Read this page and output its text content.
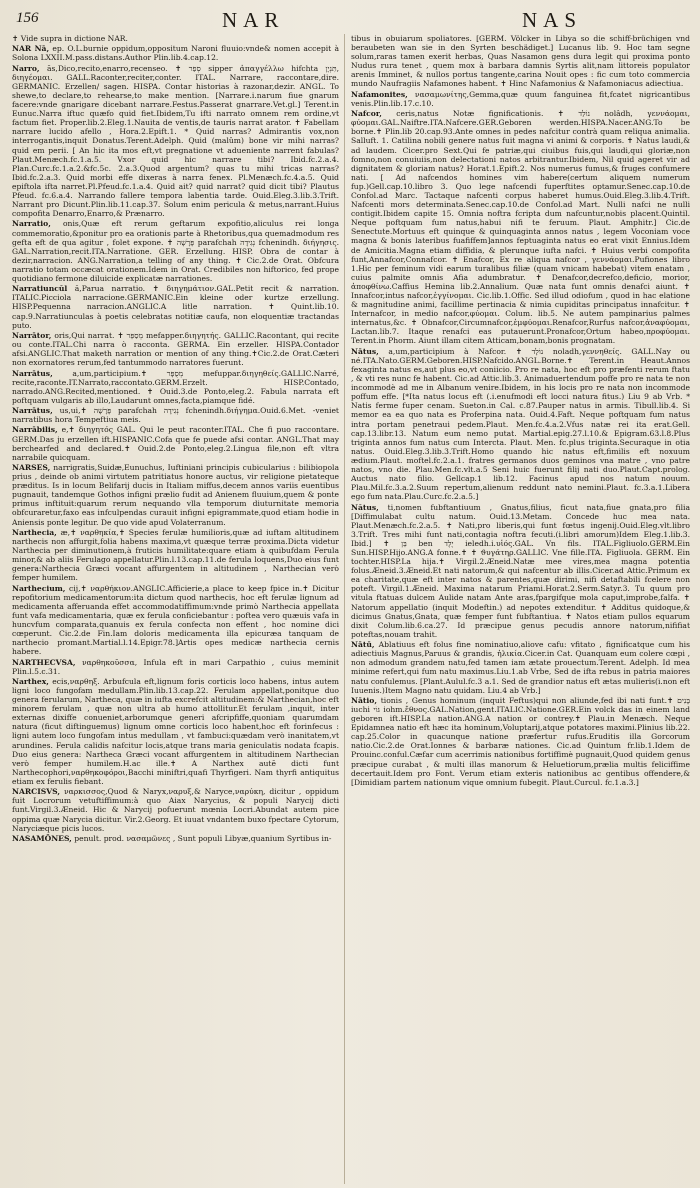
156	NAR	NAS

✝ Vide supra in dictione NAR.

NAR Nā, ep. O.L.burnie oppidum,oppositum Naroni fluuio:vnde& nomen accepit à Solona LXXII.M.pass.distans.Author Plin.lib.4.cap.12.

Narro, ās,Dico,recito,enarro,recenseo. ✝ סְפַר sipper ἀπαγγέλλω hifchta תִּנְיָן, διηγέομαι. GALL.Raconter,reciter,conter. ITAL. Narrare, raccontare,dire. GERMANIC. Erzellen/ sagen. HISPA. Contar historias à razonar,dezir. ANGL. To shewe,to declare,to rehearse,to make mention. [Narrare.i.narum fiue gnarum facere:vnde gnarigare dicebant narrare.Festus.Passerat gnarrare.Vet.gl.] Terent.in Eunuc.Narra iftuc quæfo quid fiet.Ibidem,Tu ifti narrato omnem rem ordine,vt factum fiet. Proper.lib.2.Eleg.1.Nauita de ventis,de tauris narrat arator. ✝ Fabellam narrare lucido afello , Hora.2.Epift.1. * Quid narras? Admirantis vox,non interrogantis,inquit Donatus.Terent.Adelph. Quid (malûm) bone vir mihi narras? quid em perii. [ An hic ita mos eft,vt pregnatione vt adueniente narrent fabulas? Plaut.Menæch.fc.1.a.5. Vxor quid hic narrare tibi? Ibid.fc.2.a.4. Plan.Curc.fc.1.a.2.&fc.5c. 2.a.3.Quod argentum? quas tu mihi tricas narras? Ibid.fc.2.a.3. Quid morbi effe dixeras à narra fenex. Pl.Menæch.fc.4.a.5. Quid epiftola ifta narret.Pl.Pfeud.fc.1.a.4. Quid ait? quid narrat? quid dicit tibi? Plautus Pfeud. fc.6.a.4. Narrando fallere tempora labentia tarde. Ouid.Eleg.3.lib.3.Trift. Narrant pro Dicunt.Plin.lib.11.cap.37. Solum enim pericula & metus,narrant.Huius compofita Denarro,Enarro,& Prænarro.

Narratio, onis,Quæ eft rerum geftarum expofitio,aliculus rei longa commemoratio,&ponitur pro ea orationis parte à Rhetoribus,qua quemadmodum res gefta eft de qua agitur , folet expone. ✝ פָּרָשָׁה parafchah נְגִידָה fchenindh. διήγησις. GAL.Narration,recit.ITA.Narratione. GER. Erzellung. HISP. Obra de contar à dezir,narracion. ANG.Narration,a telling of any thing. ✝ Cic.2.de Orat. Obfcura narratio totam occæcat orationem.Idem in Orat. Credibiles non hiftorico, fed prope quotidiano fermone diluicide explicatæ narrationes.

Narratiuncŭl ă,Parua narratio. ✝ διηγημάτιον.GAL.Petit recit & narration. ITALIC.Picciola narracione.GERMANIC.Ein kleine oder kurtze erzellung. HISP.Pequenna narracion.ANGLIC.A litle narration. ✝ Quint.lib.10. cap.9.Narratiunculas à poetis celebratas notitiæ caufa, non eloquentiæ tractandas puto.

Narrātor, oris,Qui narrat. ✝ מְסַפֵּר mefapper.διηγητής. GALLIC.Racontant, qui recite ou conte.ITAL.Chi narra ò racconta. GERMA. Ein erzeller. HISPA.Contador afsi.ANGLIC.That maketh narration or mention of any thing.✝Cic.2.de Orat.Cæteri non exornatores rerum,fed tantummodo narratores fuerunt.

Narrātus,	a,um,participium.✝ מְסֻפָּר mefuppar.διηγηθείς.GALLIC.Narré, recite,raconte.IT.Narrato,raccontato.GERM.Erzelt. HISP.Contado, narrado.ANG.Recited,mentioned. ✝ Ouid.3.de Ponto,eleg.2. Fabula narrata eft poftquam vulgaris ab illo,Laudarunt omnes,facta,piamque fidé.

Narrātus, us,ui,✝ פָּרָשָׁה parafchah נְגִידָה fchenindh.διήγημα.Ouid.6.Met. -veniet narratibus hora Tempeftiua meis.

Narrābilis, e,✝ διηγητός GAL. Qui le peut raconter.ITAL. Che fi puo raccontare. GERM.Das ju erzellen ift.HISPANIC.Cofa que fe puede afsi contar. ANGL.That may berchearfed and declared.✝ Ouid.2.de Ponto,eleg.2.Lingua file,non eft vltra narrabile quicquam.

NARSES, narrigratis,Suidæ,Eunuchus, Iuftiniani principis cubicularius : bilibiopola prius , deinde ob animi virtutem patritiatus honore auctus, vir religione pietateque præditus. Is in locum Belifarij ducis in Italiam miffus,decem annos variis euentibus pugnauit, tandemque Gothos infigni prælio fudit ad Anienem fluuium,quem & ponte primus inftituit:quarum rerum nequando vlla temporum diuturnitate memoria obfcuraretur,faxo eas infculpendas curauit infigni epigrammate,quod etiam hodie in Aniensis ponte legitur. De quo vide apud Volaterranum.

Narthecia, æ,✝ ναρθηκία,✝ Species ferulæ humilioris,quæ ad iuftam altitudinem narthecis non affurgit,folia habens maxima,vt quæque terræ proxima.Dicta videtur Narthecia per diminutionem,à fruticis humilitate:quare etiam à quibufdam Ferula minor,& ab aliis Ferulago appellatur.Plin.l.13.cap.11.de ferula loquens,Duo eius funt genera:Narthecia Græci vocant affurgentem in altitudinem , Narthecian verò femper humilem.

Narthecium, cij,✝ ναρθήκιον.ANGLIC.Afficierie,a place to keep fpice in.✝ Dicitur repofitorium medicamentorum:ita dictum quod narthecis, hoc eft ferulæ lignum ad medicamenta afferuanda effet accommodatiffimum:vnde primò Narthecia appellata funt vafa medicamentaria, quæ ex ferula conficiebantur : poftea vero quæuis vafa in huncvfum comparata,quanuis ex ferula confecta non effent , hoc nomine dici cœperunt. Cic.2.de Fin.Iam doloris medicamenta illa epicuræa tanquam de narthecio promant.Martial.l.14.Epigr.78.]Artis opes medicæ narthecia cernis habere.

NARTHECVSA, ναρθηκοῦσσα, Infula eft in mari Carpathio , cuius meminit Plin.l.5.c.31.

Narthex, ecis,ναρθηξ. Arbufcula eft,lignum foris corticis loco habens, intus autem ligni loco fungofam medullam.Plin.lib.13.cap.22. Ferulam appellat,ponitque duo genera ferularum, Nartheca, quæ in iufta excrefcit altitudinem:& Narthecian,hoc eft minorem ferulam , quæ non ultra ab humo attollitur.Et ferulam ,inquit, inter externas dixiffe conueniet,arborumque generi afcripfiffe,quoniam quarumdam natura (ficut diftinguemus) lignum omne corticis loco habent,hoc eft forinfecus : ligni autem loco fungofam intus medullam , vt fambuci:quædam verò inanitatem,vt arundines. Ferula calidis nafcitur locis,atque trans maria geniculatis nodata fcapis. Duo eius genera: Nartheca Græci vocant affurgentem in altitudinem Narthecian verò femper humilem.H.ac ille.✝ A Narthex autē dicti funt Narthecophori,ναρθηκοφόροι,Bacchi miniftri,quafi Thyrfigeri. Nam thyrfi antiquitus etiam ex ferulis fiebant.

NARCISVS, ναρκισσος,Quod & Naryx,ναρυξ,& Naryce,ναρύκη, dicitur , oppidum fuit Locrorum vetuftiffimum:à quo Aiax Narycius, & populi Narycij dicti funt.Virgil.3.Æneid. Hic & Narycij pofuerunt mœnia Locri.Abundat autem pice oppima quæ Narycia dicitur. Vir.2.Georg. Et iuuat vndantem buxo fpectare Cytorum, Naryciæque picis lucos.

NASAMŌNES, penult. prod. νασαμῶνες , Sunt populi Libyæ,quanium Syrtibus in-

tibus in obuiarum spoliatores. [GERM. Völcker in Libya so die schiff-brüchigen vnd beraubeten wan sie in den Syrten beschädiget.] Lucanus lib. 9. Hoc tam segne solum,raras tamen exerit herbas, Quas Nasamon gens dura legit qui proxima ponto Nudus rura tenet , quem mox à barbara damnis Syrtis alit,nam littoreis populator arenis Imminet, & nullos portus tangente,carina Nouit opes : fic cum toto commercia mundo Naufragiis Nafamones habent. ✝ Hinc Nafamonius & Nafamoniacus adiectiua.

Nafamonites, νασαμωνίτης,Gemma,quæ quum fanguinea fit,fcatet nigricantibus venis.Plin.lib.17.c.10.

Nafcor, ceris,natus Notæ fignificationis. ✝ נוֹלַד nolâdh, γεννάομαι, φύομαι.GAL.Naiftre.ITA.Nafcere.GER.Geboren werden.HISPA.Nacer.ANG.To be borne.✝ Plin.lib 20.cap.93.Ante omnes in pedes nafcitur contrà quam reliqua animalia. Salluft. 1. Catilina nobili genere natus fuit magna vi animi & corporis. ✝ Natus laudi,& ad laudem. Cicer.pro Sext.Qui fe patriæ,qui ciuibus fuis,qui laudi,qui gloriæ,non fomno,non conuiuiis,non delectationi natos arbitrantur.Ibidem, Nil quid ageret vir ad dignitatem & gloriam natus? Horat.1.Epift.2. Nos numerus fumus,& fruges confumere nati. [ Ad nafcendos homines vim habere(certum aliquem numerum fup.)Gell.cap.10.libro 3. Quo lege nafcendi fuperftites optamur.Senec.cap.10.de Confol.ad Marc. Tactaque nafcenti corpus haberet humus.Ouid.Eleg.3.lib.4.Trift. Nafcenti mors determinata.Senec.cap.10.de Confol.ad Mart. Nulli nafci ne nulli contigit.Ibidem capite 15. Omnia noftra fcripta dum nafcuntur,nobis placent.Quintil. Neque poftquam fum natus,habui nifi te feruum. Plaut. Amphitr.] Cic.de Senectute.Mortuus eft quinque & quinquaginta annos natus , legem Voconiam voce magna & bonis lateribus fuafiffem]annos feptuaginta natus eo erat vixit Ennius.Idem de Amicitia.Magna etiam diffidia, & plerunque iufta nafci. ✝ Huius verbi compofita funt,Annafcor,Connafcor. ✝ Enafcor, Ex re aliqua nafcor , γεννάομαι.Pufiones libro 1.Hic per feminum vidi earum turalibus filiæ (quam vnicam habebat) vitem enatam , cuius palmite omnis Afia adumbratur. ✝ Denafcor,decrefco,deficio, morior, ἀποφθίνω.Caffius Hemina lib.2.Annalium. Quæ nata funt omnis denafci aiunt. ✝ Innafcor,intus nafcor,ἐγγίνομαι. Cic.lib.1.Offic. Sed illud odiofum , quod in hac elatione & magnitudine animi, facillime pertinacia & nimia cupiditas principatus innafcitur. ✝ Internafcor, in medio nafcor,φύομαι. Colum. lib.5. Ne autem pampinarius palmes internatus,&c. ✝ Obnafcor,Circumnafcor,ἐμφύομαι.Renafcor,Rurfus nafcor,ἀναφύομαι, Lactan.lib.7. Itaque renafci eas putauerunt.Pronafcor,Ortum habeo,προφύομαι. Terent.in Phorm. Aiunt illam citem Atticam,bonam,bonis prognatam.

Nātus, a,um,participium à Nafcor. ✝ נוֹלָד noladh,γεννηθείς. GALL.Nay ou né.ITA.Nato.GERM.Geboren.HISP.Nafcido.ANGL.Borne.✝ Terent.in Heaut.Annos fexaginta natus es,aut plus eo,vt coniicio. Pro re nata, hoc eft pro præfenti rerum ftatu , & vti res nunc fe habent. Cic.ad Attic.lib.3. Animaduertendum poffe pro re nata te non incommodè ad me in Albanum venire.Ibidem, in his locis pro re nata non incommode poffum effe. [*Ita natus locus eft (.i.enufmodi eft locci natura fitus.) Liu 9 ab Vrb. * Natis ferme fuper cenam. Sueton.in Cal. c.87.Pauper natus in armis. Tibull.lib.4. Si memor ea ea quo nata es Proferpina nata. Ouid.4.Faft. Neque poftquam fum natus intra portam penetraui pedem.Plaut. Men.fc.4.a.2.Vfus natæ rei ita erat.Gell. cap.13.libr.13. Natum eum nemo putat. Martial.epig.27.l.10.& Epigram.63.l.8.Plus triginta annos fum natus cum Intercta. Plaut. Men. fc.plus triginta.Securaque in otia natus. Ouid.Eleg.3.lib.3.Trift.Homo quando hic natus eft,fimilis eft noxuum ædium.Plaut. moftel.fc.2.a.1. fratres germanos duos geminos vna matre , vno patre natos, vno die. Plau.Men.fc.vlt.a.5 Seni huic fuerunt filij nati duo.Plaut.Capt.prolog. Auctus nato filio. Gellcap.1 lib.12. Facinus apud nos natum nouum. Plau.Mil.fc.3.a.2.Suum repertum,alienum reddunt nato nemini.Plaut. fc.3.a.1.Libera ego fum nata.Plau.Curc.fc.2.a.5.]

Nătus, ti,nomen fubftantiuum , Gnatus,filius, ficut nata,fiue gnata,pro filia [Diffimulabat cultu natum. Ouid.13.Metam. Concede huc mea nata. Plaut.Menæch.fc.2.a.5. ✝ Nati,pro liberis,qui funt fœtus ingenij.Ouid.Eleg.vlt.libro 3.Trift. Tres mihi funt nati,contagia noftra fecuti.(i.libri amorum)Idem Eleg.1.lib.3. Ibid.] ✝ בֵּן ben יֶלֶד ieledh.i.υἱός.GAL. Vn fils. ITAL.Figliuolo.GERM.Ein Sun.HISP.Hijo.ANG.A fonne.✝ ✝ ϑυγάτηρ.GALLIC. Vne fille.ITA. Figliuola. GERM. Ein tochter.HISP.La hija.✝ Virgil.2.Æneid.Natæ mee vires,mea magna potentia folus.Æneid.3.Æneid.Et nati natorum,& qui nafcentur ab illis.Cicer.ad Attic.Primum ex ea charitate,quæ eft inter natos & parentes,quæ dirimi, nifi detaftabili fcelere non poteft. Virgil.1.Æneid. Maxima natarum Priami.Horat.2.Serm.Satyr.3. Tu quum pro vitula ftatuas dulcem Aulide natam Ante aras,fpargifque mola caput,improbe,falfa. ✝ Natorum appellatio (inquit Modeftin.) ad nepotes extenditur. ✝ Additus quidoque,& dicimus Gnatus,Gnata, quæ femper funt fubftantiua. ✝ Natos etiam pullos equarum dixit Colum.lib.6.ca.27. Id præcipue genus pecudis annore natorum,nififiat poteftas,nouam trahit.

Nātū, Ablatiuus eft folus fine nominatiuo,aliove cafu: vfitato , fignificatque cum his adiectiuis Magnus,Paruus & grandis, ἡλικία.Cicer.in Cat. Quanquam eum colere cœpi , non admodum grandem natu,fed tamen iam ætate prouectum.Terent. Adelph. Id mea minime refert,qui fum natu maximus.Liu.1.ab Vrbe, Sed de ifta rebus in patria maiores natu confulemus. [Plant.Aulul.fc.3 a.1. Sed de grandior natus eft ætas mulieris(i.non eft Iuuenis.)Item Magno natu quidam. Liu.4 ab Vrb.]

Nātio, tionis , Genus hominum (inquit Feftus)qui non aliunde,fed ibi nati funt.✝ בָּנִים iuchi גּוֹי iohm.ἔθνος.GAL.Nation,gent.ITALIC.Natione.GER.Ein volck das in einem land geboren ift.HISP.La nation.ANG.A nation or contrey.✝ Plau.in Menæch. Neque Epidamnea natio eft hæc ita hominum,Voluptarij,atque potatores maximi.Plinius lib.22. cap.25.Color in quacunque natione præfertur rufus.Eruditis illa Gorcorum natio.Cic.2.de Orat.Ionnes & barbaræ nationes. Cic.ad Quintum fr.lib.1.Idem de Prouinc.conful.Cæfar cum acerrimis nationibus fortiffimè pugnauit,Quod quidem genus præcipue curabat , & multi illas manorum & Heluetiorum,prælia multis feliciffime decertauit.Idem pro Font. Verum etiam exteris nationibus ac gentibus offendere,& [Dimidiam partem nationum vique omnium fubegit. Plaut.Curcul. fc.1.a.3.]
